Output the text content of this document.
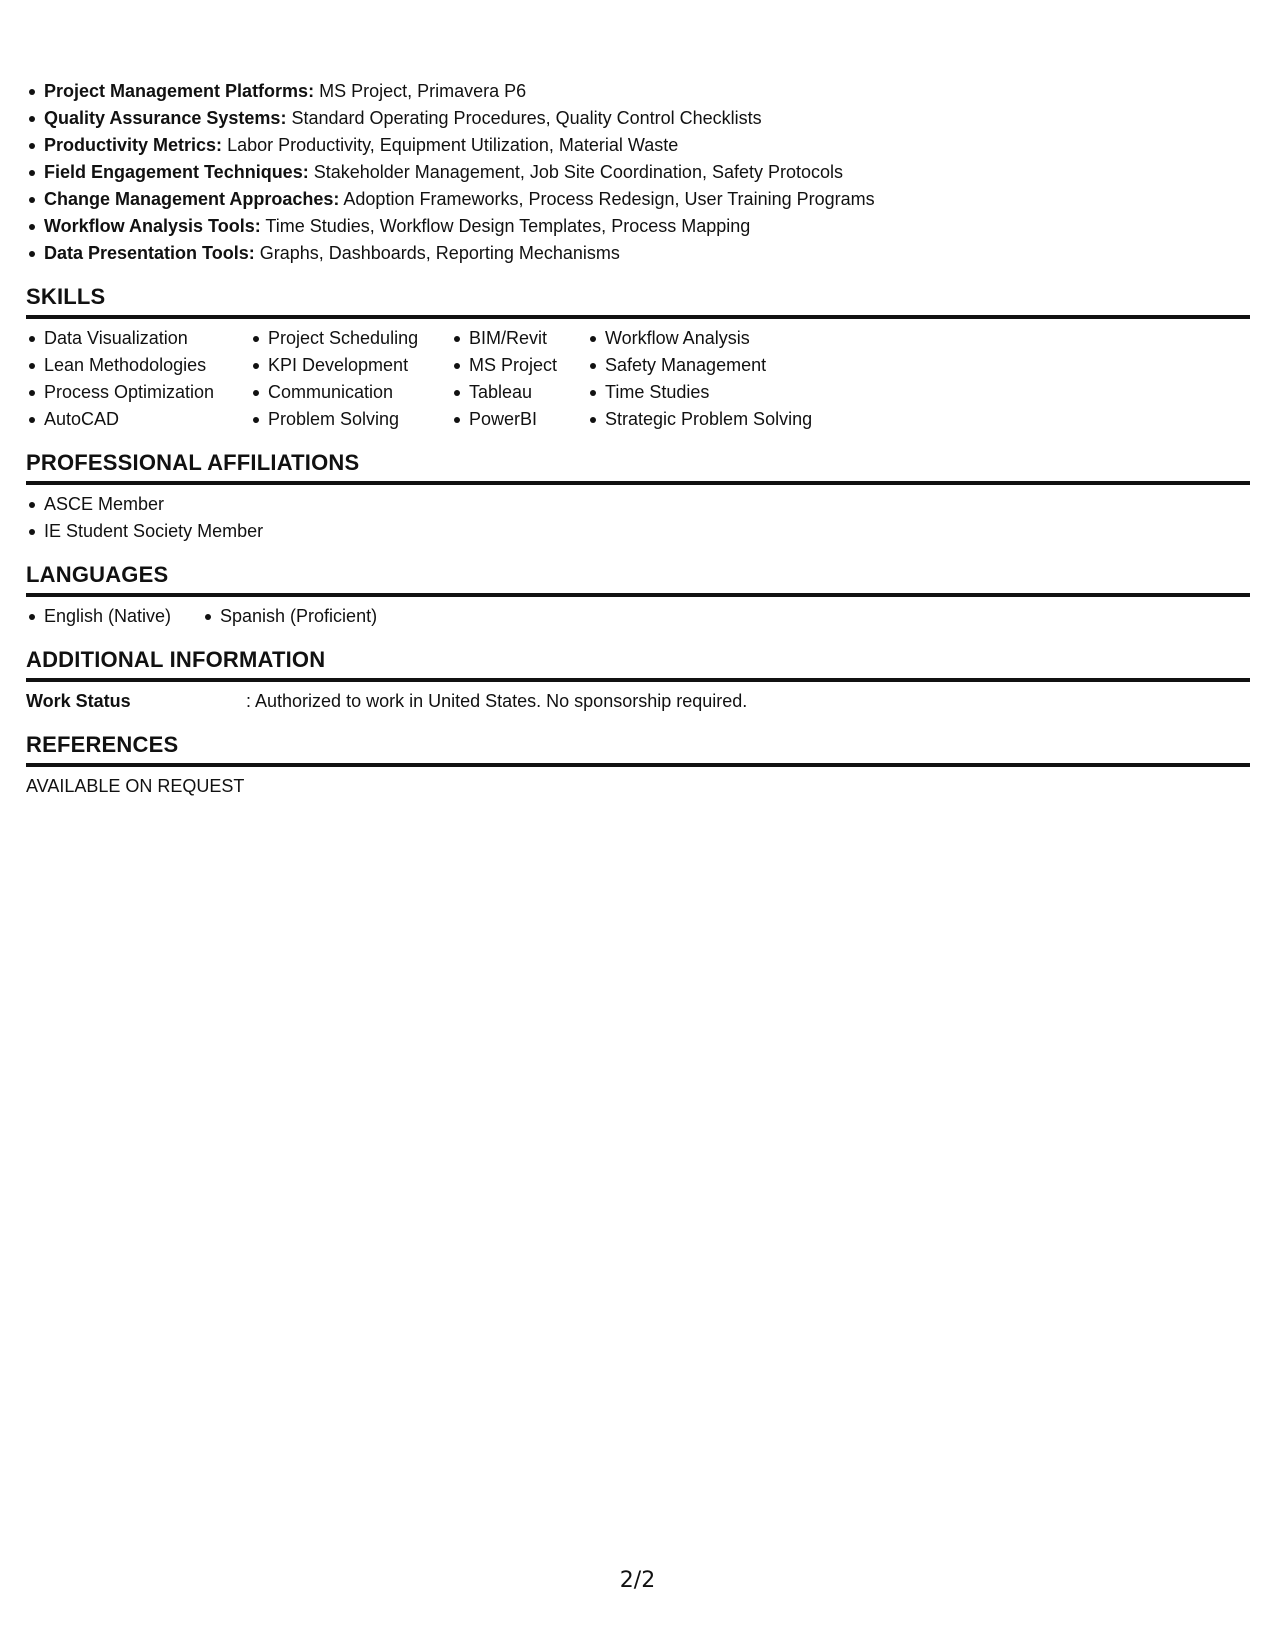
Project Management Platforms: MS Project, Primavera P6
Quality Assurance Systems: Standard Operating Procedures, Quality Control Checklists
Productivity Metrics: Labor Productivity, Equipment Utilization, Material Waste
Field Engagement Techniques: Stakeholder Management, Job Site Coordination, Safety Protocols
Change Management Approaches: Adoption Frameworks, Process Redesign, User Training Programs
Workflow Analysis Tools: Time Studies, Workflow Design Templates, Process Mapping
Data Presentation Tools: Graphs, Dashboards, Reporting Mechanisms
SKILLS
Data Visualization
Lean Methodologies
Process Optimization
AutoCAD
Project Scheduling
KPI Development
Communication
Problem Solving
BIM/Revit
MS Project
Tableau
PowerBI
Workflow Analysis
Safety Management
Time Studies
Strategic Problem Solving
PROFESSIONAL AFFILIATIONS
ASCE Member
IE Student Society Member
LANGUAGES
English (Native)	Spanish (Proficient)
ADDITIONAL INFORMATION
Work Status	: Authorized to work in United States. No sponsorship required.
REFERENCES
AVAILABLE ON REQUEST
2/2
